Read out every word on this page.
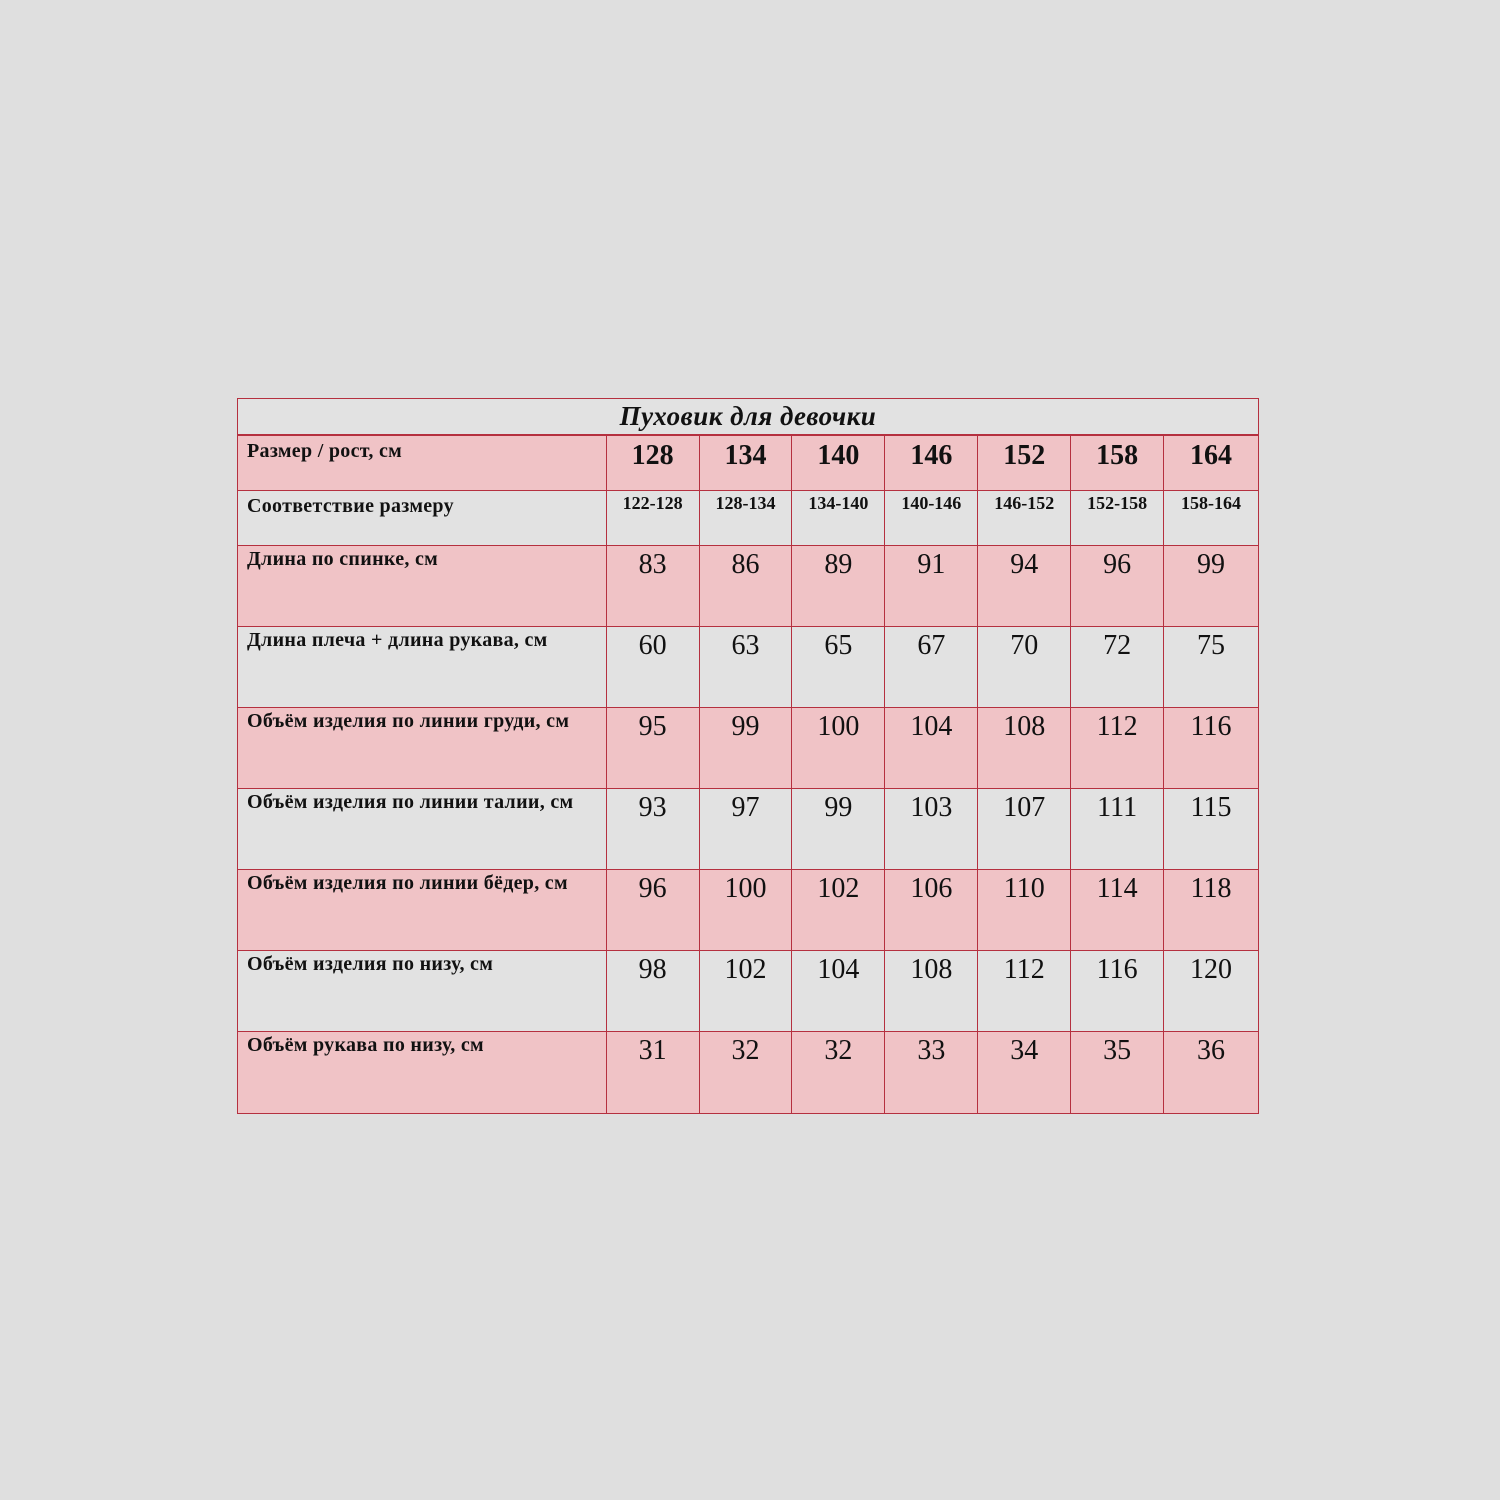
Пуховик для девочки
Размер / рост, см	128	134	140	146	152	158	164
Соответствие размеру	122-128	128-134	134-140	140-146	146-152	152-158	158-164
Длина по спинке, см	83	86	89	91	94	96	99
Длина плеча + длина рукава, см	60	63	65	67	70	72	75
Объём изделия по линии груди, см	95	99	100	104	108	112	116
Объём изделия по линии талии, см	93	97	99	103	107	111	115
Объём изделия по линии бёдер, см	96	100	102	106	110	114	118
Объём изделия по низу, см	98	102	104	108	112	116	120
Объём рукава по низу, см	31	32	32	33	34	35	36
